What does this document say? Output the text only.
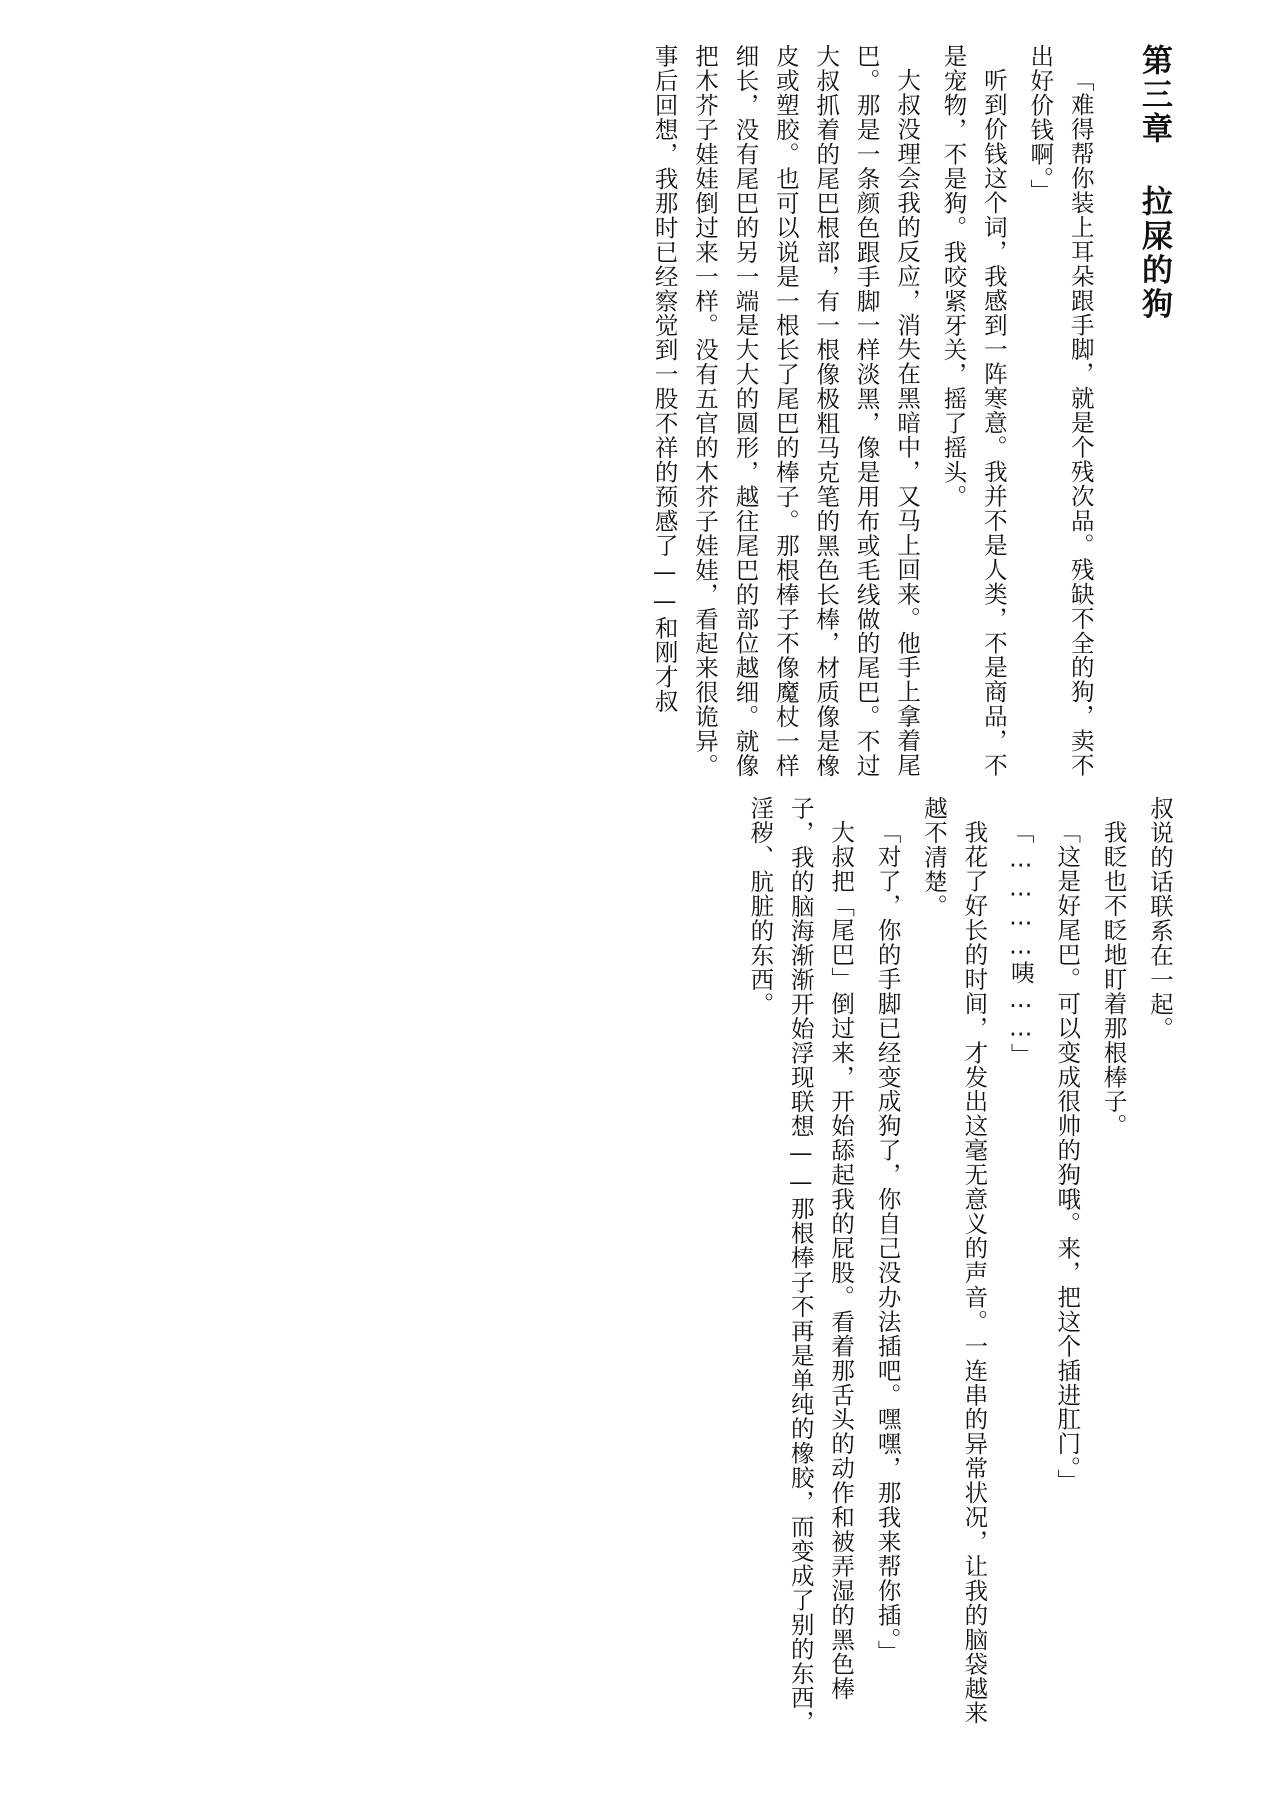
第三章 拉屎的狗

「难得帮你装上耳朵跟手脚，就是个残次品。残缺不全的狗，卖不出好价钱啊。」

听到价钱这个词，我感到一阵寒意。我并不是人类，不是商品，不是宠物，不是狗。我咬紧牙关，摇了摇头。

大叔没理会我的反应，消失在黑暗中，又马上回来。他手上拿着尾巴。那是一条颜色跟手脚一样淡黑，像是用布或毛线做的尾巴。不过大叔抓着的尾巴根部，有一根像极粗马克笔的黑色长棒，材质像是橡皮或塑胶。也可以说是一根长了尾巴的棒子。那根棒子不像魔杖一样细长，没有尾巴的另一端是大大的圆形，越往尾巴的部位越细。就像把木芥子娃娃倒过来一样。没有五官的木芥子娃娃，看起来很诡异。事后回想，我那时已经察觉到一股不祥的预感了——和刚才叔

叔说的话联系在一起。

我眨也不眨地盯着那根棒子。

「这是好尾巴。可以变成很帅的狗哦。来，把这个插进肛门。」

「…………咦……」

我花了好长的时间，才发出这毫无意义的声音。一连串的异常状况，让我的脑袋越来越不清楚。

「对了，你的手脚已经变成狗了，你自己没办法插吧。嘿嘿，那我来帮你插。」

大叔把「尾巴」倒过来，开始舔起我的屁股。看着那舌头的动作和被弄湿的黑色棒子，我的脑海渐渐开始浮现联想——那根棒子不再是单纯的橡胶，而变成了别的东西，淫秽、肮脏的东西。
